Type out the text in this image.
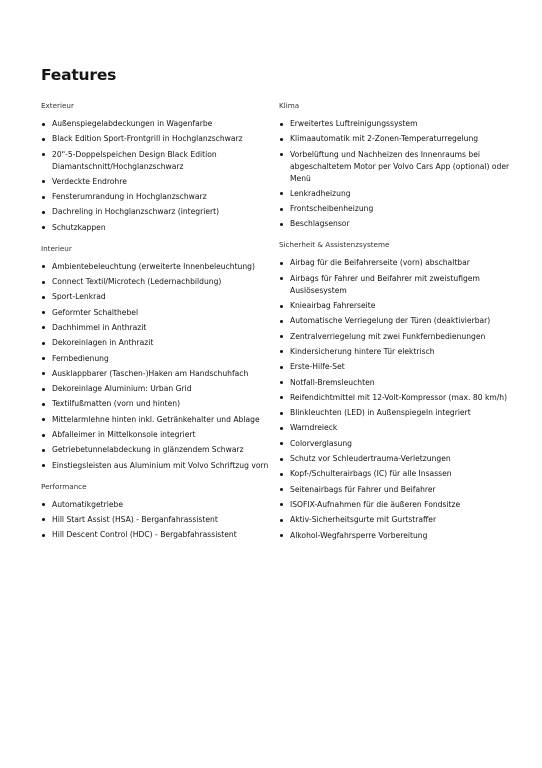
Features
Exterieur
Außenspiegelabdeckungen in Wagenfarbe
Black Edition Sport-Frontgrill in Hochglanzschwarz
20"-5-Doppelspeichen Design Black Edition Diamantschnitt/Hochglanzschwarz
Verdeckte Endrohre
Fensterumrandung in Hochglanzschwarz
Dachreling in Hochglanzschwarz (integriert)
Schutzkappen
Interieur
Ambientebeleuchtung (erweiterte Innenbeleuchtung)
Connect Textil/Microtech (Ledernachbildung)
Sport-Lenkrad
Geformter Schalthebel
Dachhimmel in Anthrazit
Dekoreinlagen in Anthrazit
Fernbedienung
Ausklappbarer (Taschen-)Haken am Handschuhfach
Dekoreinlage Aluminium: Urban Grid
Textilfußmatten (vorn und hinten)
Mittelarmlehne hinten inkl. Getränkehalter und Ablage
Abfalleimer in Mittelkonsole integriert
Getriebetunnelabdeckung in glänzendem Schwarz
Einstiegsleisten aus Aluminium mit Volvo Schriftzug vorn
Performance
Automatikgetriebe
Hill Start Assist (HSA) - Berganfahrassistent
Hill Descent Control (HDC) - Bergabfahrassistent
Klima
Erweitertes Luftreinigungssystem
Klimaautomatik mit 2-Zonen-Temperaturregelung
Vorbelüftung und Nachheizen des Innenraums bei abgeschaltetem Motor per Volvo Cars App (optional) oder Menü
Lenkradheizung
Frontscheibenheizung
Beschlagsensor
Sicherheit & Assistenzsysteme
Airbag für die Beifahrerseite (vorn) abschaltbar
Airbags für Fahrer und Beifahrer mit zweistufigem Auslösesystem
Knieairbag Fahrerseite
Automatische Verriegelung der Türen (deaktivierbar)
Zentralverriegelung mit zwei Funkfernbedienungen
Kindersicherung hintere Tür elektrisch
Erste-Hilfe-Set
Notfall-Bremsleuchten
Reifendichtmittel mit 12-Volt-Kompressor (max. 80 km/h)
Blinkleuchten (LED) in Außenspiegeln integriert
Warndreieck
Colorverglasung
Schutz vor Schleudertrauma-Verletzungen
Kopf-/Schulterairbags (IC) für alle Insassen
Seitenairbags für Fahrer und Beifahrer
ISOFIX-Aufnahmen für die äußeren Fondsitze
Aktiv-Sicherheitsgurte mit Gurtstraffer
Alkohol-Wegfahrsperre Vorbereitung
